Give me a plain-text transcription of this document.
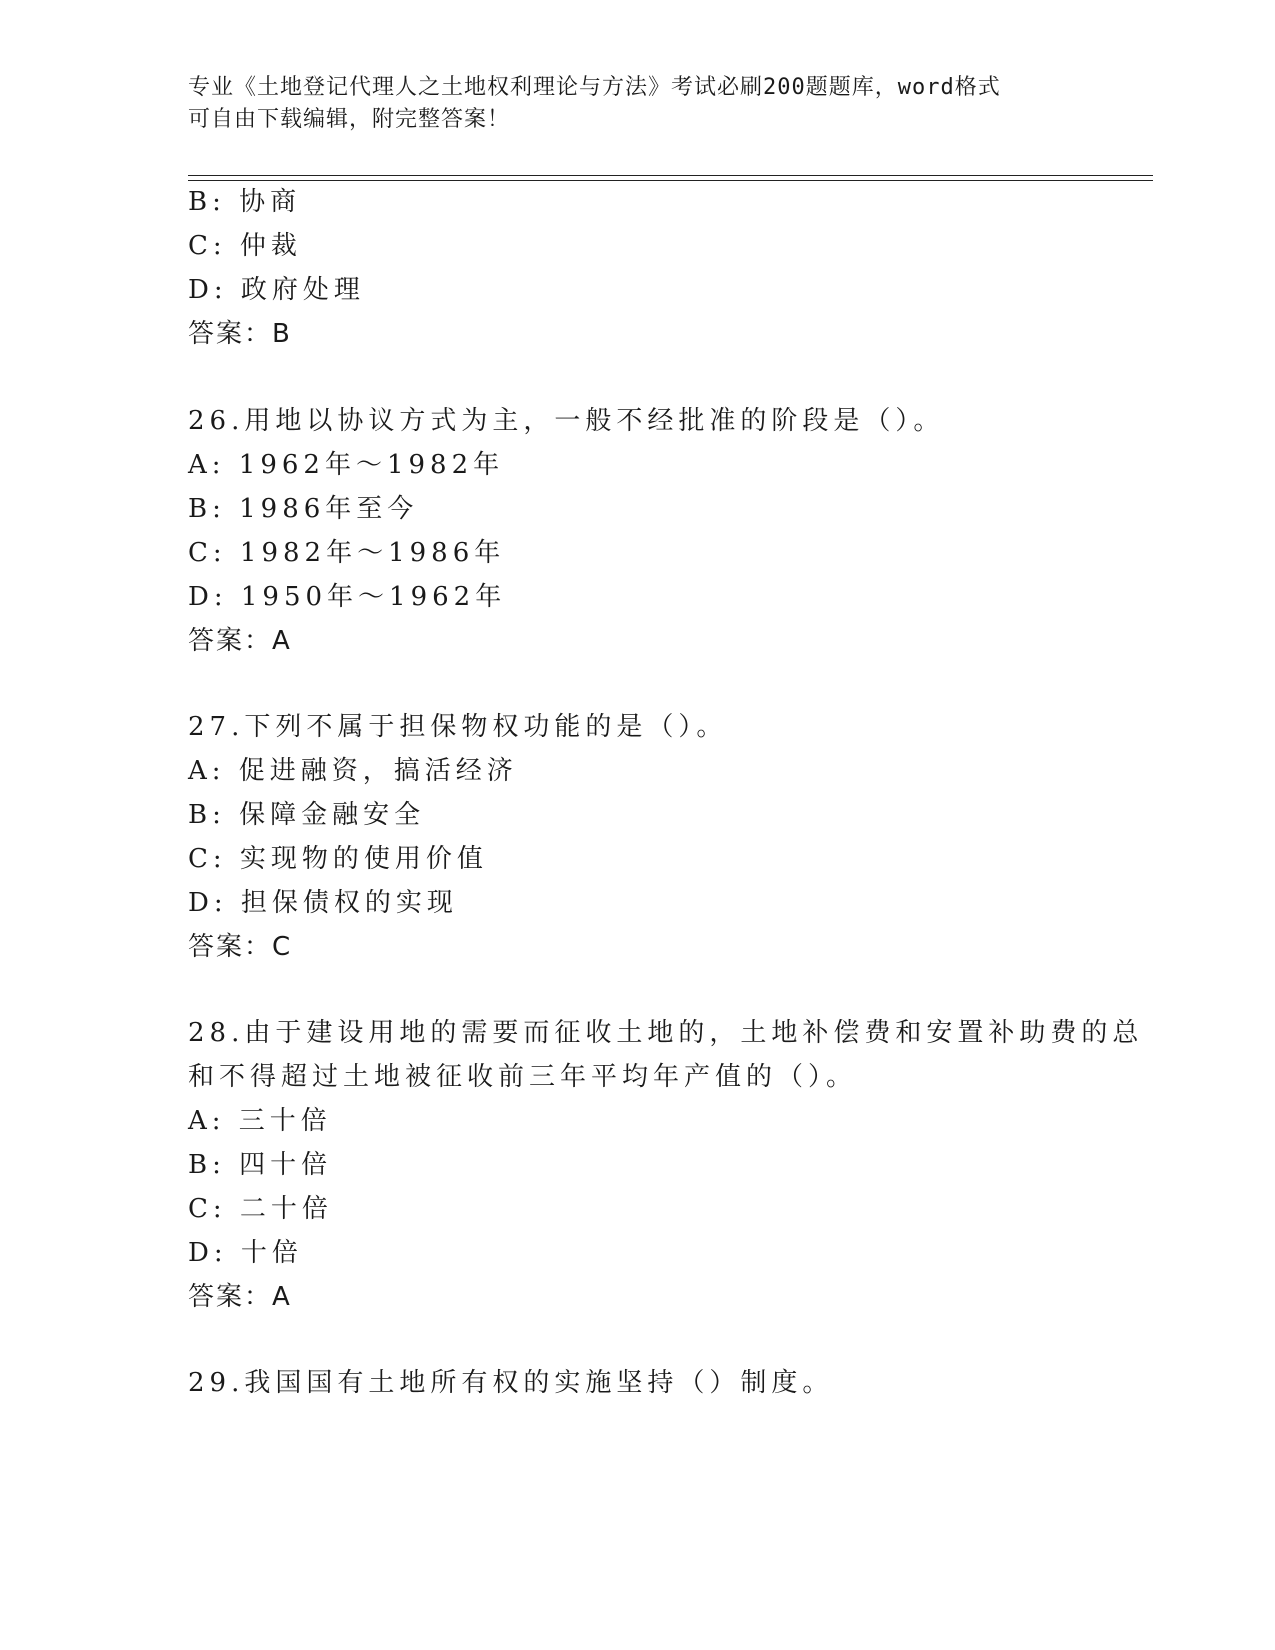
专业《土地登记代理人之土地权利理论与方法》考试必刷200题题库，word格式
可自由下载编辑，附完整答案！
B: 协商
C: 仲裁
D: 政府处理
答案：B
26.用地以协议方式为主，一般不经批准的阶段是（）。
A: 1962年～1982年
B: 1986年至今
C: 1982年～1986年
D: 1950年～1962年
答案：A
27.下列不属于担保物权功能的是（）。
A: 促进融资，搞活经济
B: 保障金融安全
C: 实现物的使用价值
D: 担保债权的实现
答案：C
28.由于建设用地的需要而征收土地的，土地补偿费和安置补助费的总
和不得超过土地被征收前三年平均年产值的（）。
A: 三十倍
B: 四十倍
C: 二十倍
D: 十倍
答案：A
29.我国国有土地所有权的实施坚持（）制度。
